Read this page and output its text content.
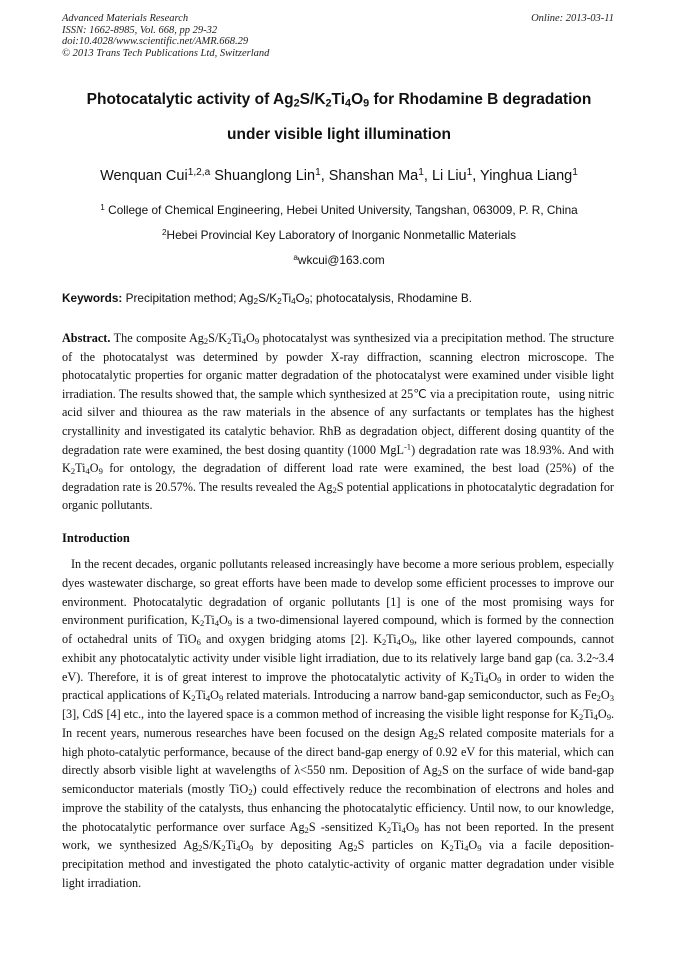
Advanced Materials Research
ISSN: 1662-8985, Vol. 668, pp 29-32
doi:10.4028/www.scientific.net/AMR.668.29
© 2013 Trans Tech Publications Ltd, Switzerland
Online: 2013-03-11
Photocatalytic activity of $Ag_2S/K_2Ti_4O_9$ for Rhodamine B degradation
under visible light illumination
Wenquan Cui$^{1,2,a}$ Shuanglong Lin$^1$, Shanshan Ma$^1$, Li Liu$^1$, Yinghua Liang$^1$
$^1$ College of Chemical Engineering, Hebei United University, Tangshan, 063009, P. R, China
$^2$Hebei Provincial Key Laboratory of Inorganic Nonmetallic Materials
$^a$wkcui@163.com
Keywords: Precipitation method; $Ag_2S/K_2Ti_4O_9$; photocatalysis, Rhodamine B.

Abstract. The composite $Ag_2S/K_2Ti_4O_9$ photocatalyst was synthesized via a precipitation method. The structure of the photocatalyst was determined by powder X-ray diffraction, scanning electron microscope. The photocatalytic properties for organic matter degradation of the photocatalyst were examined under visible light irradiation. The results showed that, the sample which synthesized at 25℃ via a precipitation route，using nitric acid silver and thiourea as the raw materials in the absence of any surfactants or templates has the highest crystallinity and investigated its catalytic behavior. RhB as degradation object, different dosing quantity of the degradation rate were examined, the best dosing quantity (1000 MgL$^{-1}$) degradation rate was 18.93%. And with $K_2Ti_4O_9$ for ontology, the degradation of different load rate were examined, the best load (25%) of the degradation rate is 20.57%. The results revealed the $Ag_2S$ potential applications in photocatalytic degradation for organic pollutants.

Introduction

In the recent decades, organic pollutants released increasingly have become a more serious problem, especially dyes wastewater discharge, so great efforts have been made to develop some efficient processes to improve our environment. Photocatalytic degradation of organic pollutants [1] is one of the most promising ways for environment purification, $K_2Ti_4O_9$ is a two-dimensional layered compound, which is formed by the connection of octahedral units of TiO$_6$ and oxygen bridging atoms [2]. $K_2Ti_4O_9$, like other layered compounds, cannot exhibit any photocatalytic activity under visible light irradiation, due to its relatively large band gap (ca. 3.2~3.4 eV). Therefore, it is of great interest to improve the photocatalytic activity of $K_2Ti_4O_9$ in order to widen the practical applications of $K_2Ti_4O_9$ related materials. Introducing a narrow band-gap semiconductor, such as $Fe_2O_3$ [3], CdS [4] etc., into the layered space is a common method of increasing the visible light response for $K_2Ti_4O_9$. In recent years, numerous researches have been focused on the design $Ag_2S$ related composite materials for a high photo-catalytic performance, because of the direct band-gap energy of 0.92 eV for this material, which can directly absorb visible light at wavelengths of λ<550 nm. Deposition of $Ag_2S$ on the surface of wide band-gap semiconductor materials (mostly TiO$_2$) could effectively reduce the recombination of electrons and holes and improve the stability of the catalysts, thus enhancing the photocatalytic efficiency. Until now, to our knowledge, the photocatalytic performance over surface $Ag_2S$ -sensitized $K_2Ti_4O_9$ has not been reported. In the present work, we synthesized $Ag_2S/K_2Ti_4O_9$ by depositing $Ag_2S$ particles on $K_2Ti_4O_9$ via a facile deposition-precipitation method and investigated the photo catalytic-activity of organic matter degradation under visible light irradiation.
